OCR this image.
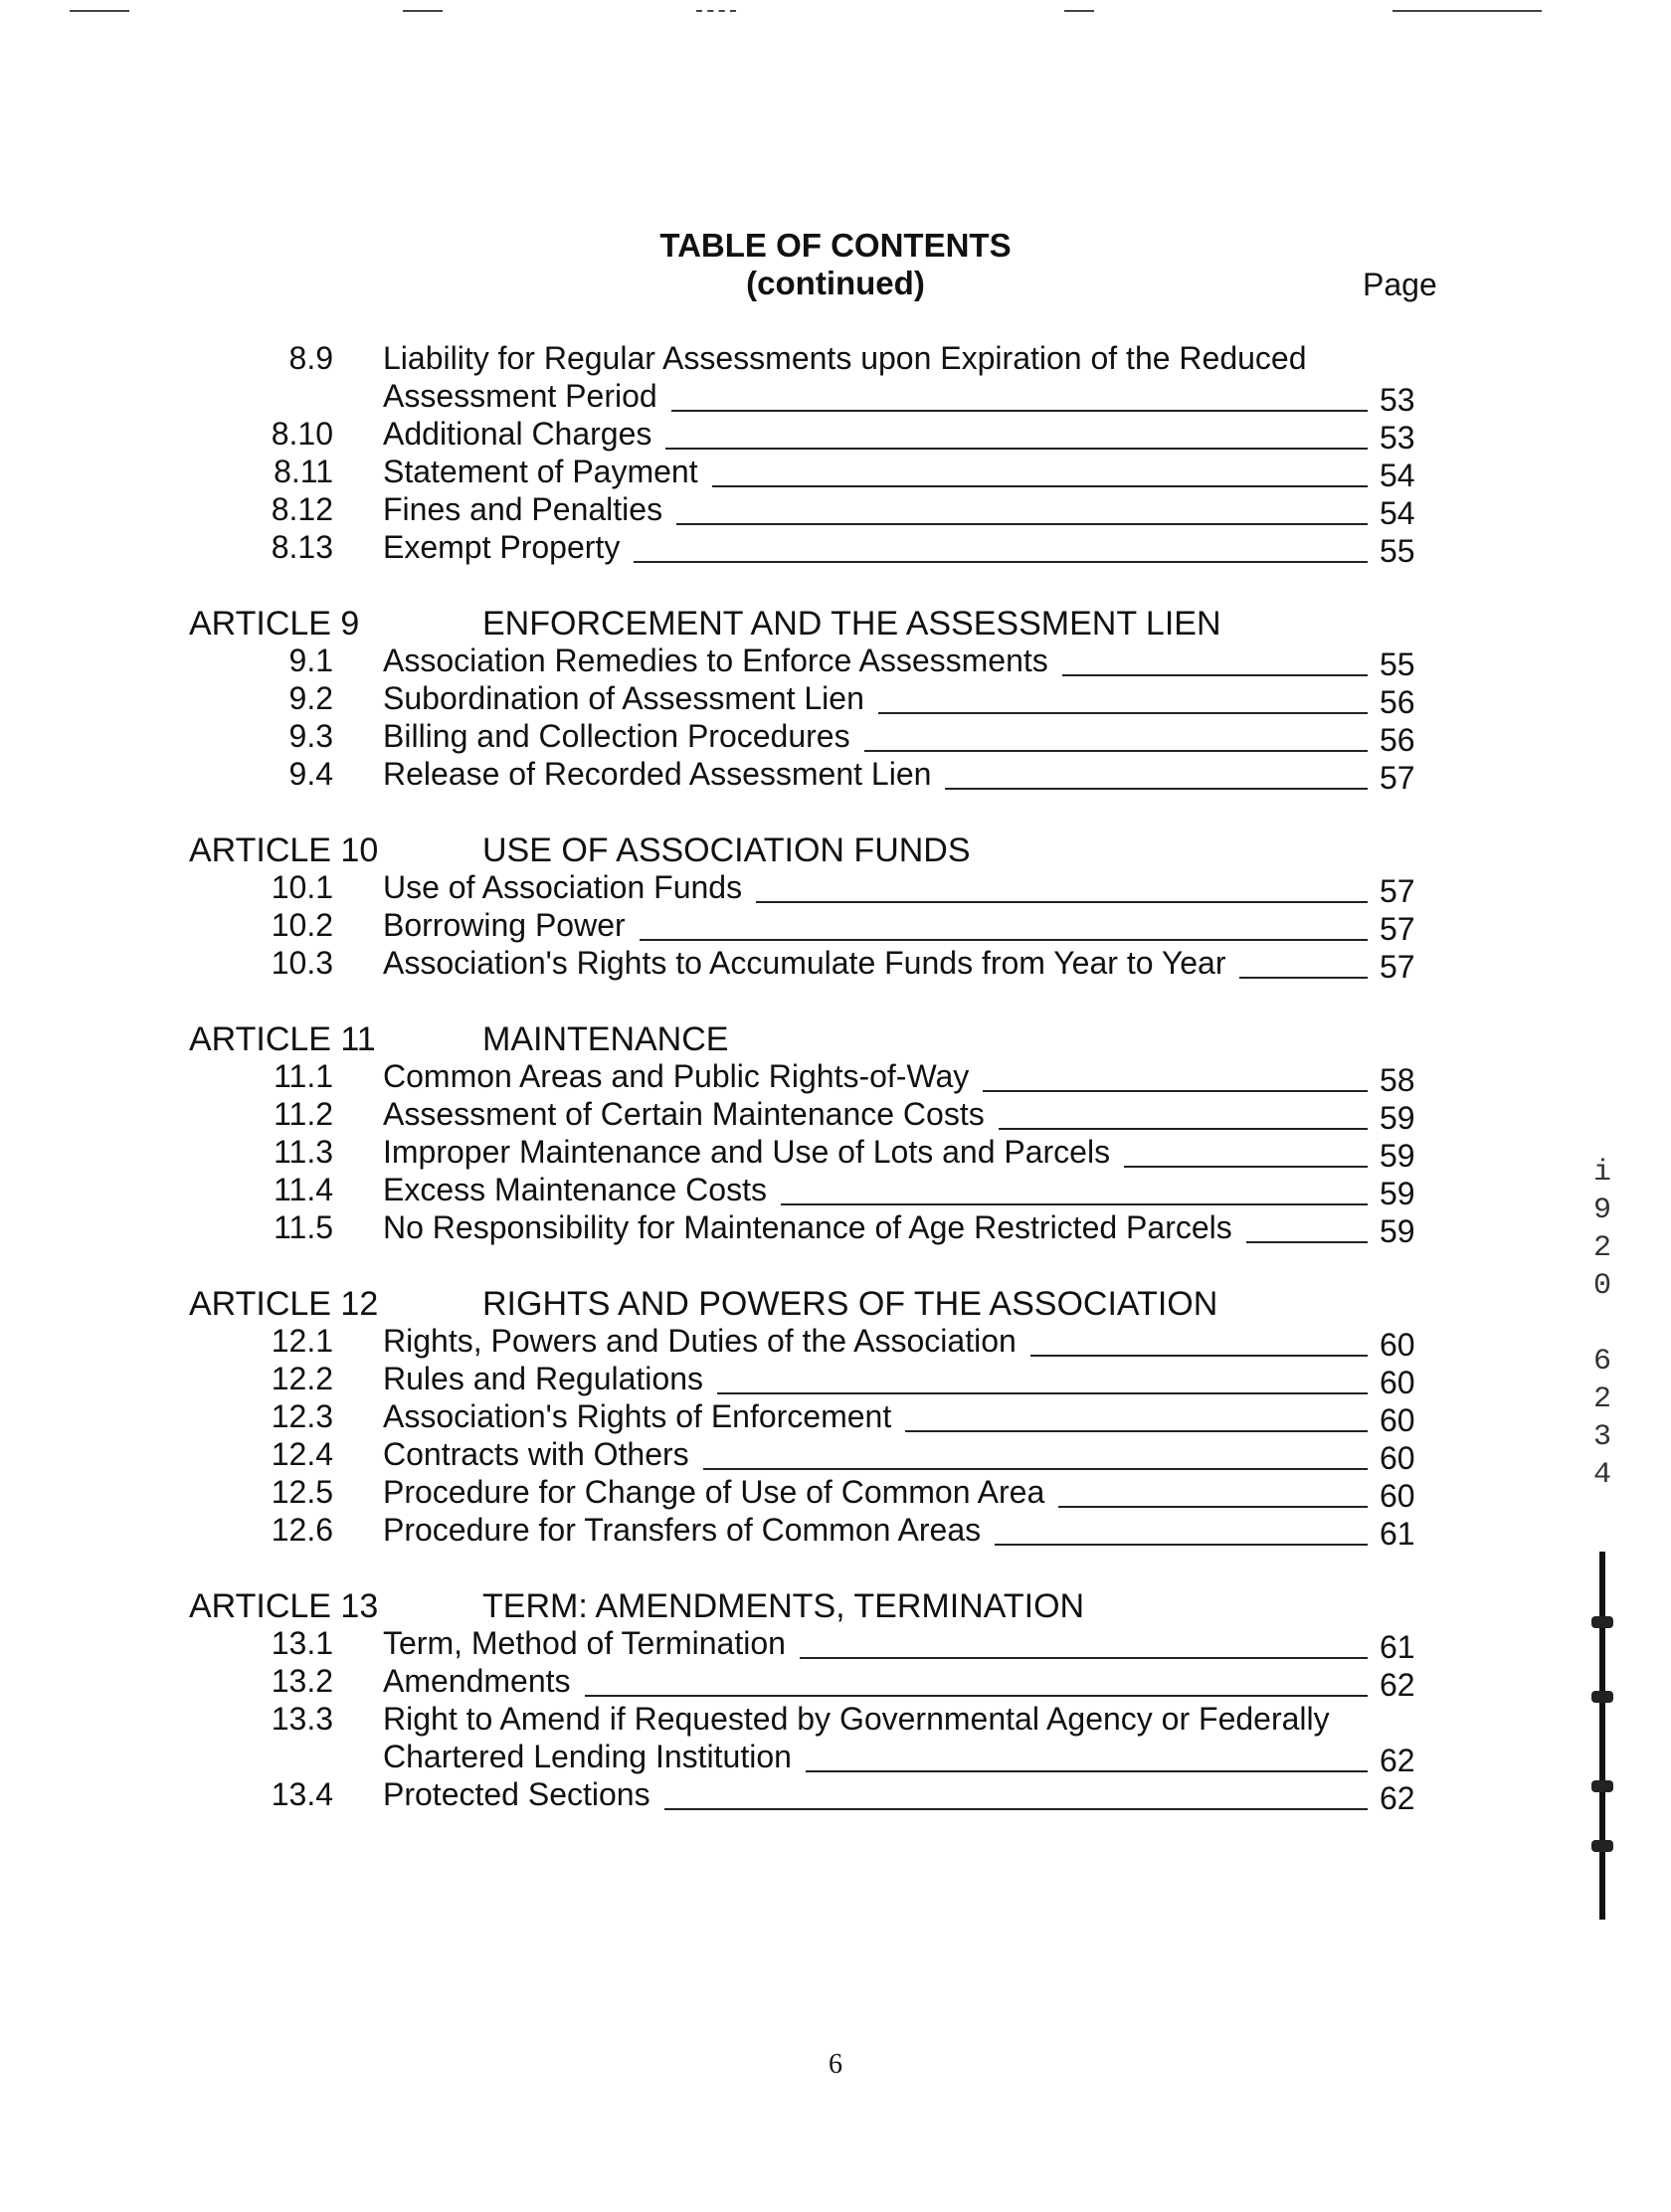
TABLE OF CONTENTS
(continued)	Page
8.9 Liability for Regular Assessments upon Expiration of the Reduced
Assessment Period	53
8.10 Additional Charges	53
8.11 Statement of Payment	54
8.12 Fines and Penalties	54
8.13 Exempt Property	55
ARTICLE 9	ENFORCEMENT AND THE ASSESSMENT LIEN
9.1 Association Remedies to Enforce Assessments	55
9.2 Subordination of Assessment Lien	56
9.3 Billing and Collection Procedures	56
9.4 Release of Recorded Assessment Lien	57
ARTICLE 10	USE OF ASSOCIATION FUNDS
10.1 Use of Association Funds	57
10.2 Borrowing Power	57
10.3 Association's Rights to Accumulate Funds from Year to Year	57
ARTICLE 11	MAINTENANCE
11.1 Common Areas and Public Rights-of-Way	58
11.2 Assessment of Certain Maintenance Costs	59
11.3 Improper Maintenance and Use of Lots and Parcels	59
11.4 Excess Maintenance Costs	59
11.5 No Responsibility for Maintenance of Age Restricted Parcels	59
ARTICLE 12	RIGHTS AND POWERS OF THE ASSOCIATION
12.1 Rights, Powers and Duties of the Association	60
12.2 Rules and Regulations	60
12.3 Association's Rights of Enforcement	60
12.4 Contracts with Others	60
12.5 Procedure for Change of Use of Common Area	60
12.6 Procedure for Transfers of Common Areas	61
ARTICLE 13	TERM: AMENDMENTS, TERMINATION
13.1 Term, Method of Termination	61
13.2 Amendments	62
13.3 Right to Amend if Requested by Governmental Agency or Federally
Chartered Lending Institution	62
13.4 Protected Sections	62
6
i
9
2
0

6
2
3
4
